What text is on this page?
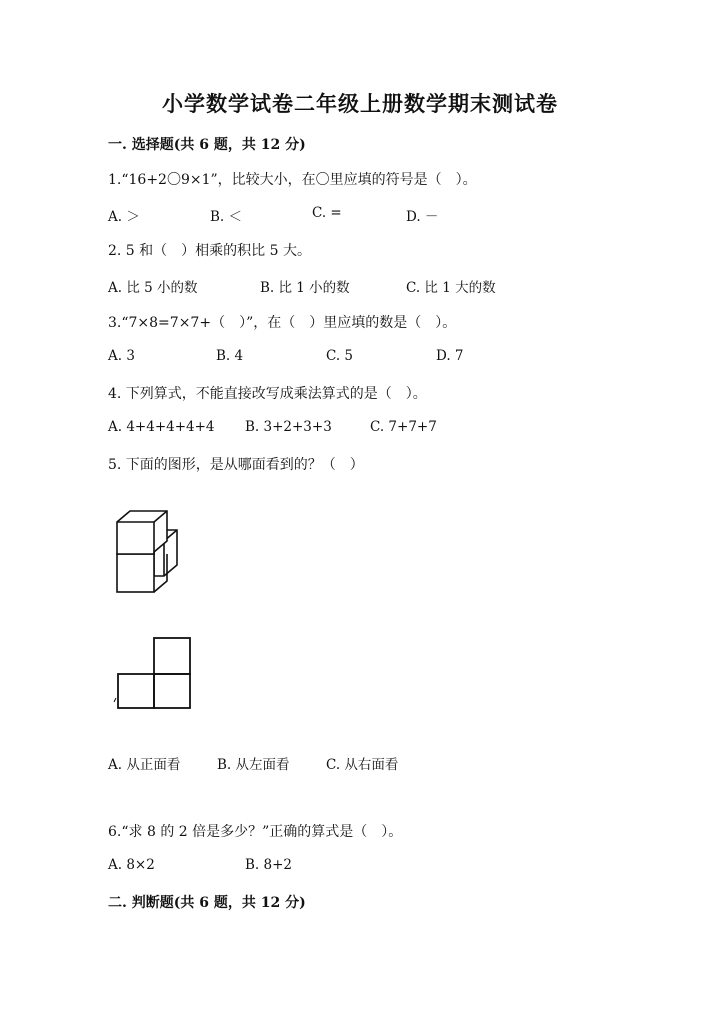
小学数学试卷二年级上册数学期末测试卷
一. 选择题(共 6 题，共 12 分)
1.“16+2〇9×1”，比较大小，在〇里应填的符号是（　）。
A. ＞	B. ＜	C. =	D. －
2. 5 和（　）相乘的积比 5 大。
A. 比 5 小的数	B. 比 1 小的数	C. 比 1 大的数
3.“7×8=7×7+（　）”，在（　）里应填的数是（　）。
A. 3	B. 4	C. 5	D. 7
4. 下列算式，不能直接改写成乘法算式的是（　）。
A. 4+4+4+4+4 B. 3+2+3+3	C. 7+7+7
5. 下面的图形，是从哪面看到的？（　）
A. 从正面看	B. 从左面看	C. 从右面看
6.“求 8 的 2 倍是多少？”正确的算式是（　）。
A. 8×2	B. 8+2
二. 判断题(共 6 题，共 12 分)
